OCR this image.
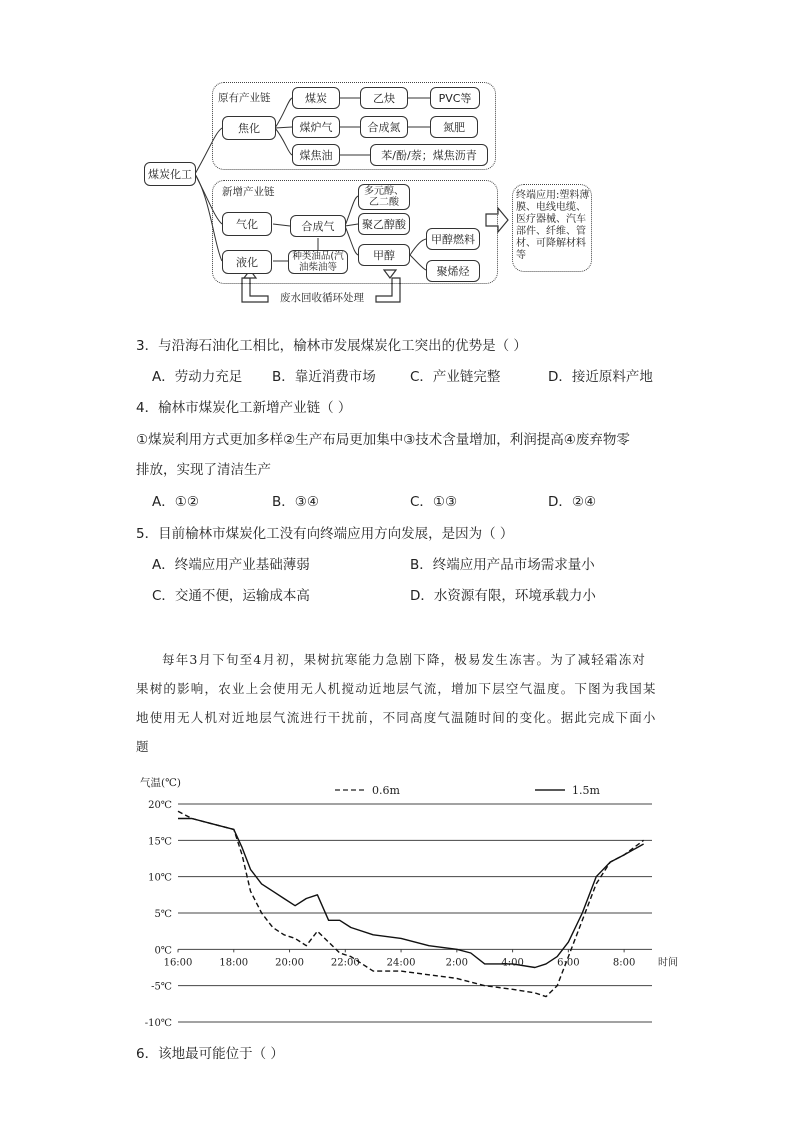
煤炭化工
原有产业链
焦化
煤炭	乙炔	PVC等
煤炉气	合成氮	氮肥
煤焦油	苯/酚/萘；煤焦沥青
新增产业链
气化
液化
合成气
种类油品(汽油柴油等
多元醇、乙二酸
聚乙醇酸
甲醇
甲醇燃料
聚烯烃
终端应用:塑料薄膜、电线电缆、医疗器械、汽车部件、纤维、管材、可降解材料等
废水回收循环处理
3．与沿海石油化工相比，榆林市发展煤炭化工突出的优势是（ ）
A．劳动力充足 B．靠近消费市场	C．产业链完整	D．接近原料产地
4．榆林市煤炭化工新增产业链（ ）
①煤炭利用方式更加多样②生产布局更加集中③技术含量增加，利润提高④废弃物零
排放，实现了清洁生产
A．①②	B．③④	C．①③	D．②④
5．目前榆林市煤炭化工没有向终端应用方向发展，是因为（ ）
A．终端应用产业基础薄弱	B．终端应用产品市场需求量小
C．交通不便，运输成本高	D．水资源有限，环境承载力小
每年3月下旬至4月初，果树抗寒能力急剧下降，极易发生冻害。为了减轻霜冻对
果树的影响，农业上会使用无人机搅动近地层气流，增加下层空气温度。下图为我国某
地使用无人机对近地层气流进行干扰前，不同高度气温随时间的变化。据此完成下面小
题
20℃
15℃
10℃
5℃
0℃
-5℃
-10℃
16:00	18:00	20:00	22:00	24:00	2:00	4:00	6:00	8:00 时间
气温(℃)
0.6m	1.5m
6．该地最可能位于（ ）
